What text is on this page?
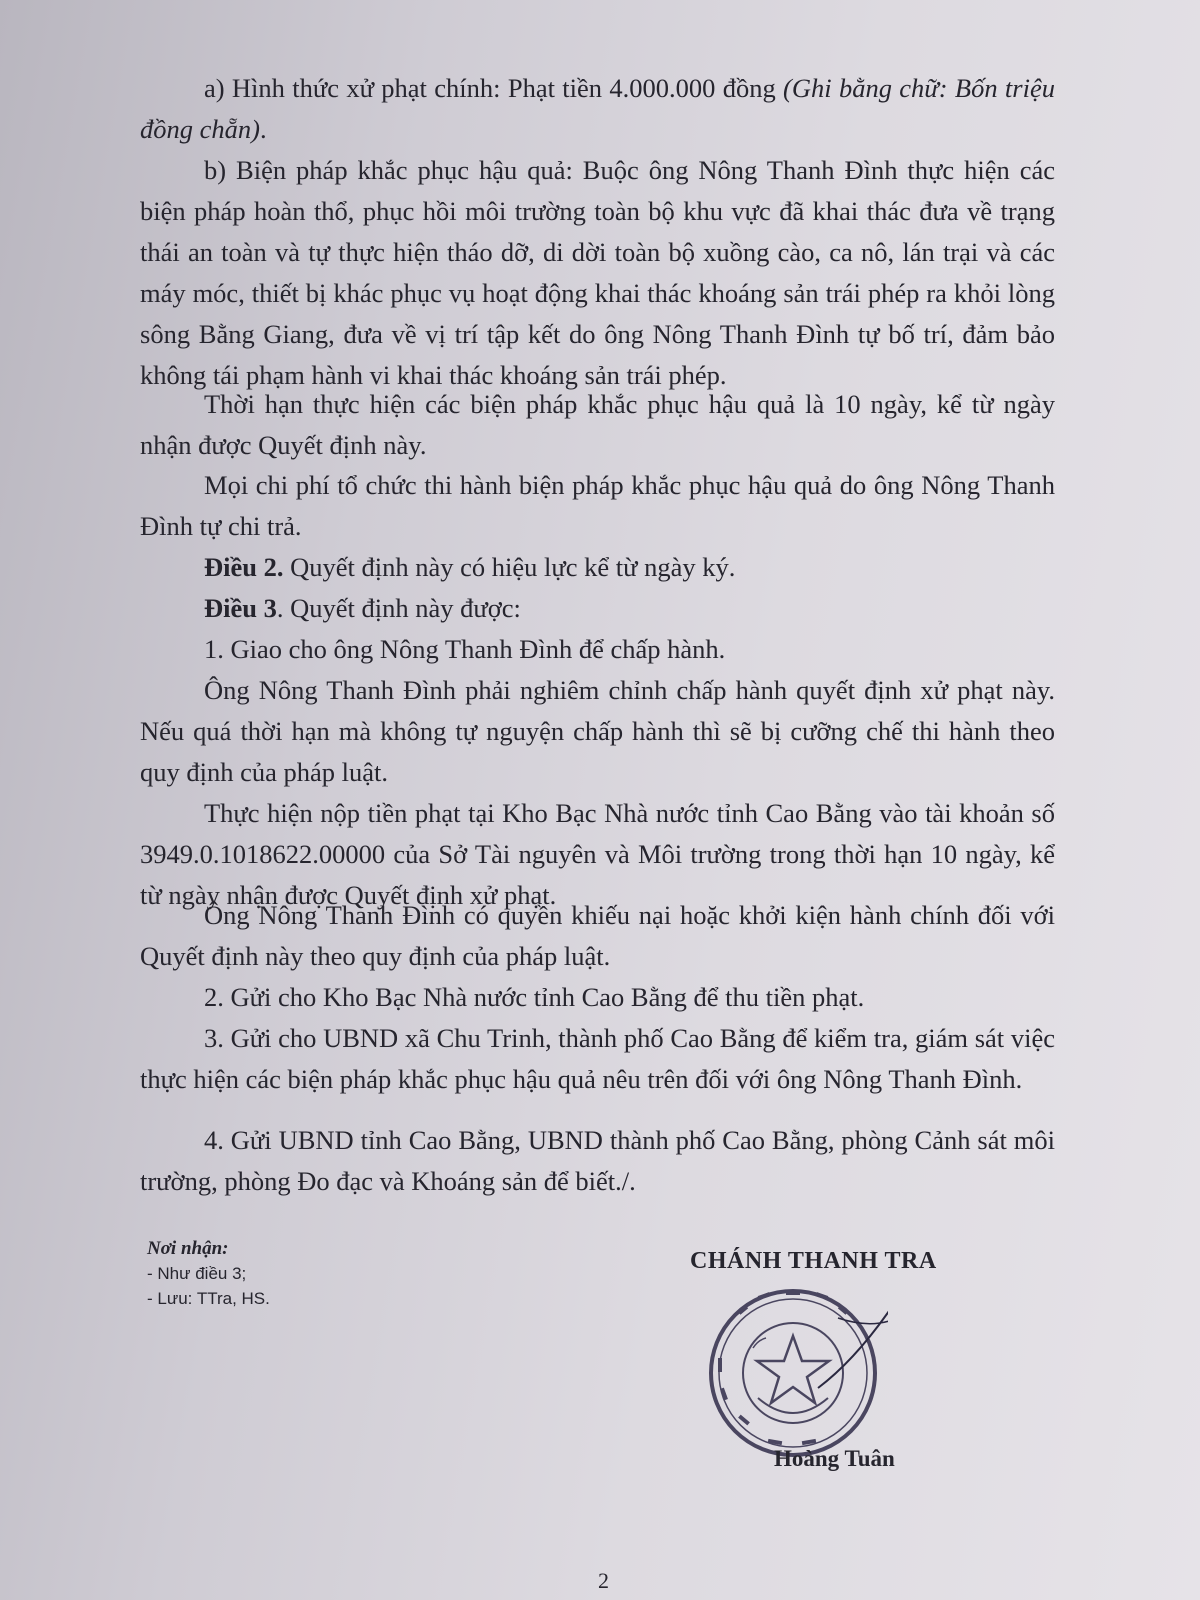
a) Hình thức xử phạt chính: Phạt tiền 4.000.000 đồng (Ghi bằng chữ: Bốn triệu đồng chẵn).

b) Biện pháp khắc phục hậu quả: Buộc ông Nông Thanh Đình thực hiện các biện pháp hoàn thổ, phục hồi môi trường toàn bộ khu vực đã khai thác đưa về trạng thái an toàn và tự thực hiện tháo dỡ, di dời toàn bộ xuồng cào, ca nô, lán trại và các máy móc, thiết bị khác phục vụ hoạt động khai thác khoáng sản trái phép ra khỏi lòng sông Bằng Giang, đưa về vị trí tập kết do ông Nông Thanh Đình tự bố trí, đảm bảo không tái phạm hành vi khai thác khoáng sản trái phép.

Thời hạn thực hiện các biện pháp khắc phục hậu quả là 10 ngày, kể từ ngày nhận được Quyết định này.

Mọi chi phí tổ chức thi hành biện pháp khắc phục hậu quả do ông Nông Thanh Đình tự chi trả.

Điều 2. Quyết định này có hiệu lực kể từ ngày ký.

Điều 3. Quyết định này được:

1. Giao cho ông Nông Thanh Đình để chấp hành.

Ông Nông Thanh Đình phải nghiêm chỉnh chấp hành quyết định xử phạt này. Nếu quá thời hạn mà không tự nguyện chấp hành thì sẽ bị cưỡng chế thi hành theo quy định của pháp luật.

Thực hiện nộp tiền phạt tại Kho Bạc Nhà nước tỉnh Cao Bằng vào tài khoản số 3949.0.1018622.00000 của Sở Tài nguyên và Môi trường trong thời hạn 10 ngày, kể từ ngày nhận được Quyết định xử phạt.

Ông Nông Thanh Đình có quyền khiếu nại hoặc khởi kiện hành chính đối với Quyết định này theo quy định của pháp luật.

2. Gửi cho Kho Bạc Nhà nước tỉnh Cao Bằng để thu tiền phạt.

3. Gửi cho UBND xã Chu Trinh, thành phố Cao Bằng để kiểm tra, giám sát việc thực hiện các biện pháp khắc phục hậu quả nêu trên đối với ông Nông Thanh Đình.

4. Gửi UBND tỉnh Cao Bằng, UBND thành phố Cao Bằng, phòng Cảnh sát môi trường, phòng Đo đạc và Khoáng sản để biết./.

Nơi nhận:
- Như điều 3;
- Lưu: TTra, HS.
CHÁNH THANH TRA
Hoàng Tuân
2
